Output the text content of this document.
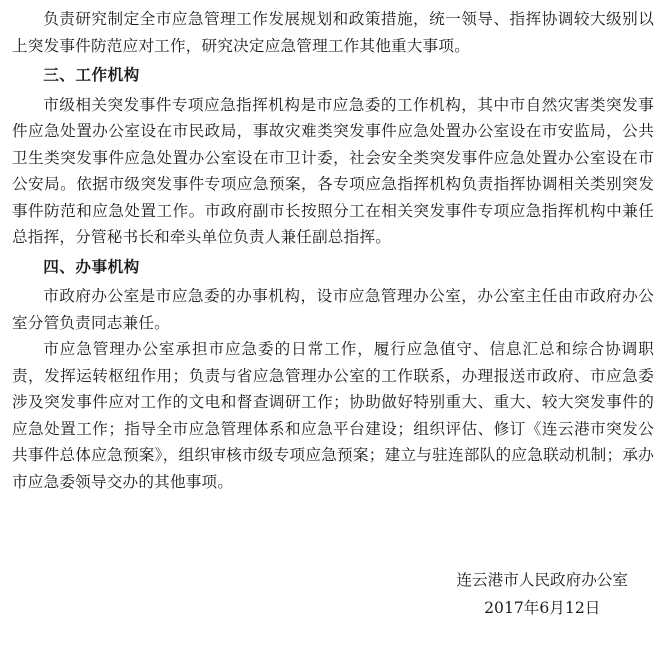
负责研究制定全市应急管理工作发展规划和政策措施，统一领导、指挥协调较大级别以上突发事件防范应对工作，研究决定应急管理工作其他重大事项。

三、工作机构

市级相关突发事件专项应急指挥机构是市应急委的工作机构，其中市自然灾害类突发事件应急处置办公室设在市民政局，事故灾难类突发事件应急处置办公室设在市安监局，公共卫生类突发事件应急处置办公室设在市卫计委，社会安全类突发事件应急处置办公室设在市公安局。依据市级突发事件专项应急预案，各专项应急指挥机构负责指挥协调相关类别突发事件防范和应急处置工作。市政府副市长按照分工在相关突发事件专项应急指挥机构中兼任总指挥，分管秘书长和牵头单位负责人兼任副总指挥。

四、办事机构

市政府办公室是市应急委的办事机构，设市应急管理办公室，办公室主任由市政府办公室分管负责同志兼任。

市应急管理办公室承担市应急委的日常工作，履行应急值守、信息汇总和综合协调职责，发挥运转枢纽作用；负责与省应急管理办公室的工作联系，办理报送市政府、市应急委涉及突发事件应对工作的文电和督查调研工作；协助做好特别重大、重大、较大突发事件的应急处置工作；指导全市应急管理体系和应急平台建设；组织评估、修订《连云港市突发公共事件总体应急预案》，组织审核市级专项应急预案；建立与驻连部队的应急联动机制；承办市应急委领导交办的其他事项。

连云港市人民政府办公室
2017年6月12日
